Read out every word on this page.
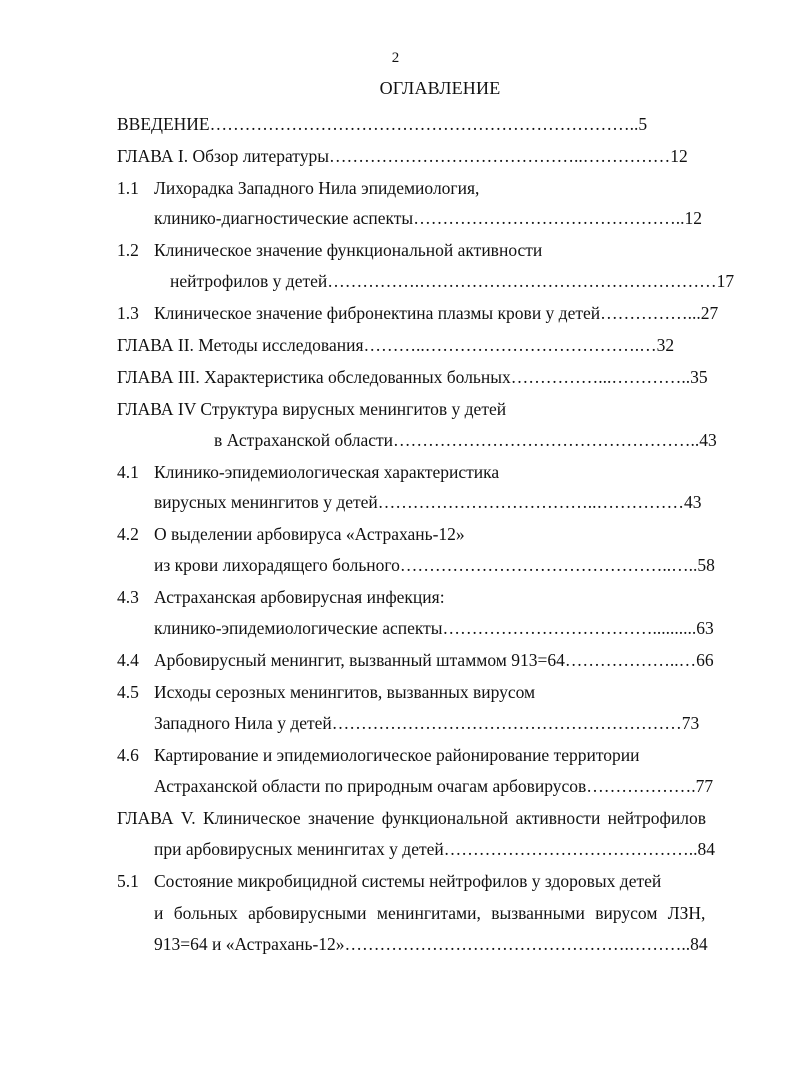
2
ОГЛАВЛЕНИЕ
ВВЕДЕНИЕ………………………………………………………………..5
ГЛАВА I. Обзор литературы……………………………………..……………12
1.1 Лихорадка Западного Нила эпидемиология,
клинико-диагностические аспекты………………………………………..12
1.2 Клиническое значение функциональной активности
нейтрофилов у детей…………….……………………………………………17
1.3 Клиническое значение фибронектина плазмы крови у детей……………...27
ГЛАВА II. Методы исследования………..……………………………….…32
ГЛАВА III. Характеристика обследованных больных……………...…………..35
ГЛАВА IV Структура вирусных менингитов у детей
в Астраханской области……………………………………………..43
4.1 Клинико-эпидемиологическая характеристика
вирусных менингитов у детей………………………………..……………43
4.2 О выделении арбовируса «Астрахань-12»
из крови лихорадящего больного………………………………………..…..58
4.3 Астраханская арбовирусная инфекция:
клинико-эпидемиологические аспекты………………………………..........63
4.4 Арбовирусный менингит, вызванный штаммом 913=64………………..…66
4.5 Исходы серозных менингитов, вызванных вирусом
Западного Нила у детей……………………………………………………73
4.6 Картирование и эпидемиологическое районирование территории
Астраханской области по природным очагам арбовирусов……………….77
ГЛАВА V. Клиническое значение функциональной активности нейтрофилов
при арбовирусных менингитах у детей……………………………………..84
5.1 Состояние микробицидной системы нейтрофилов у здоровых детей
и больных арбовирусными менингитами, вызванными вирусом ЛЗН,
913=64 и «Астрахань-12»………………………………………….………..84
